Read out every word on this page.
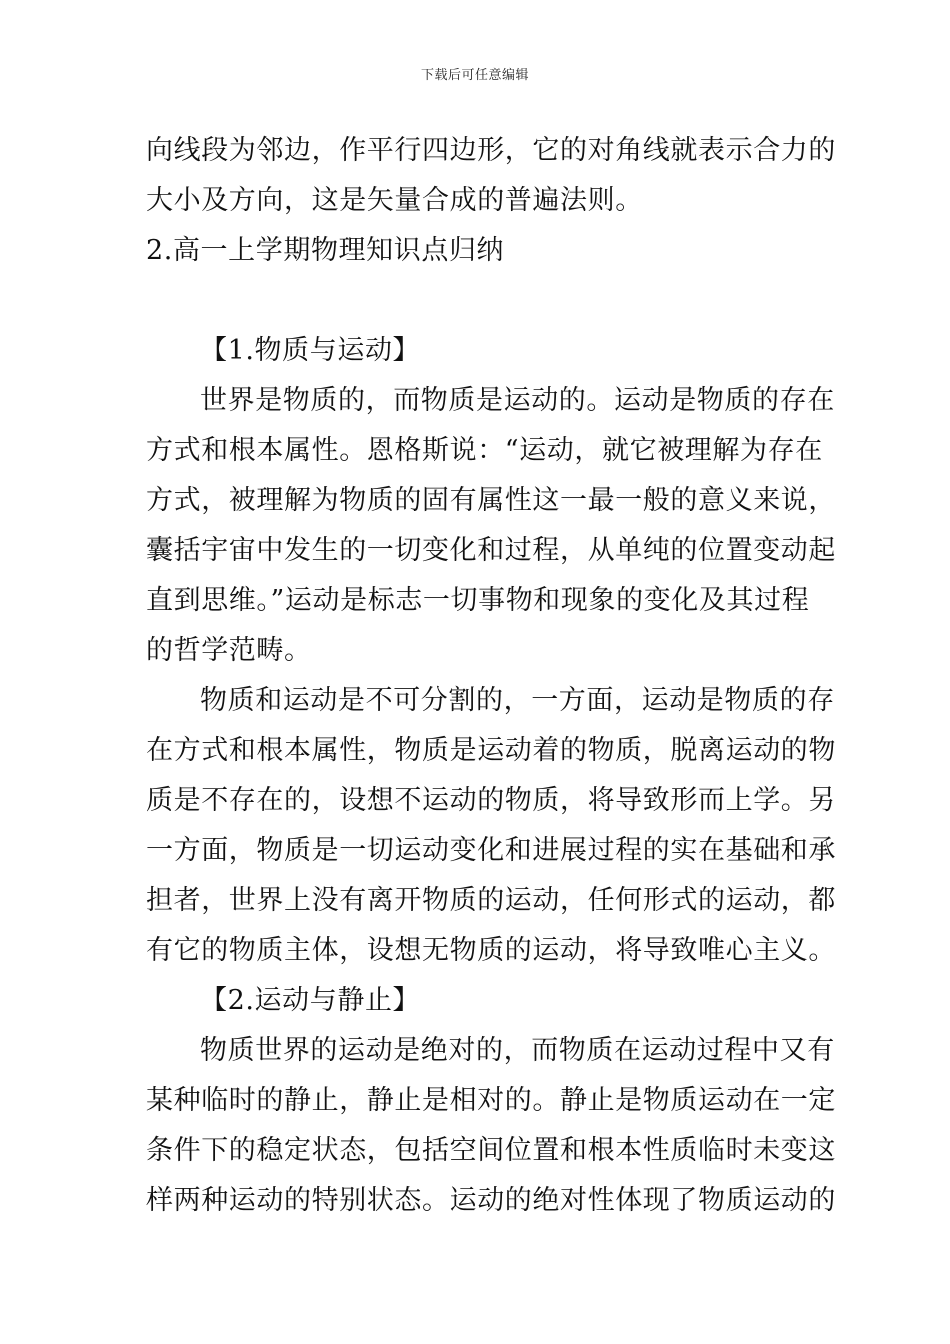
下载后可任意编辑
向线段为邻边，作平行四边形，它的对角线就表示合力的
大小及方向，这是矢量合成的普遍法则。
2.高一上学期物理知识点归纳
【1.物质与运动】
世界是物质的，而物质是运动的。运动是物质的存在
方式和根本属性。恩格斯说：“运动，就它被理解为存在
方式，被理解为物质的固有属性这一最一般的意义来说，
囊括宇宙中发生的一切变化和过程，从单纯的位置变动起
直到思维。”运动是标志一切事物和现象的变化及其过程
的哲学范畴。
物质和运动是不可分割的，一方面，运动是物质的存
在方式和根本属性，物质是运动着的物质，脱离运动的物
质是不存在的，设想不运动的物质，将导致形而上学。另
一方面，物质是一切运动变化和进展过程的实在基础和承
担者，世界上没有离开物质的运动，任何形式的运动，都
有它的物质主体，设想无物质的运动，将导致唯心主义。
【2.运动与静止】
物质世界的运动是绝对的，而物质在运动过程中又有
某种临时的静止，静止是相对的。静止是物质运动在一定
条件下的稳定状态，包括空间位置和根本性质临时未变这
样两种运动的特别状态。运动的绝对性体现了物质运动的
